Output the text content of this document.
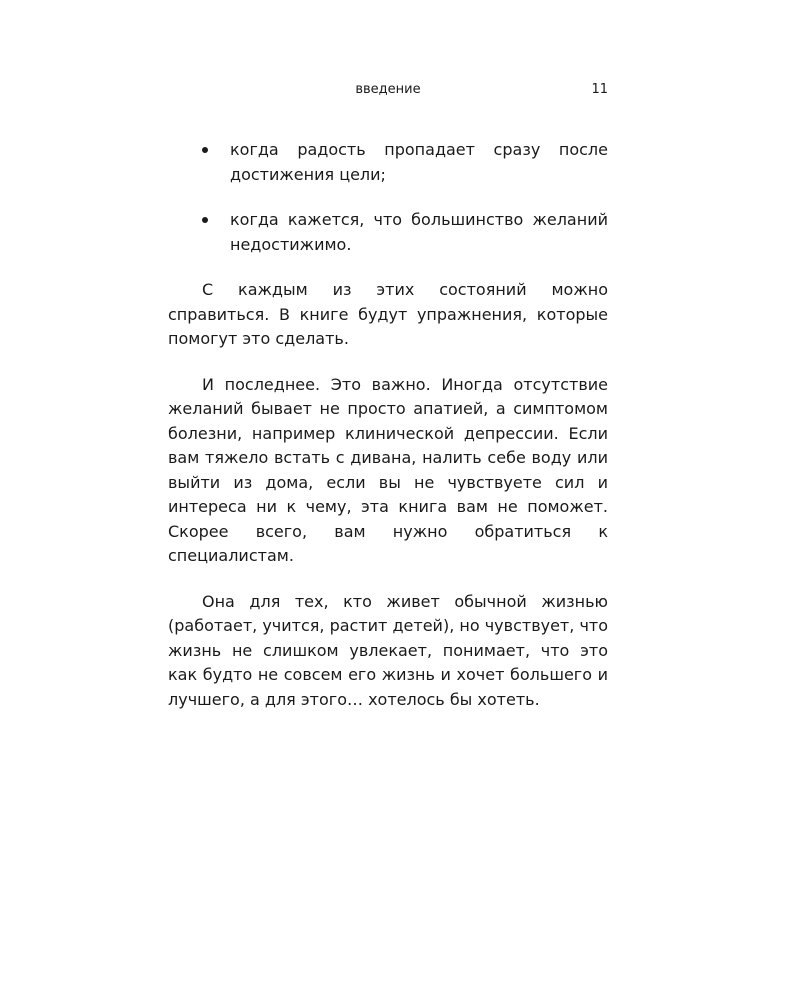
введение	11
когда радость пропадает сразу после достижения цели;
когда кажется, что большинство желаний недостижимо.

С каждым из этих состояний можно справиться. В книге будут упражнения, которые помогут это сделать.

И последнее. Это важно. Иногда отсутствие желаний бывает не просто апатией, а симптомом болезни, например клинической депрессии. Если вам тяжело встать с дивана, налить себе воду или выйти из дома, если вы не чувствуете сил и интереса ни к чему, эта книга вам не поможет. Скорее всего, вам нужно обратиться к специалистам.

Она для тех, кто живет обычной жизнью (работает, учится, растит детей), но чувствует, что жизнь не слишком увлекает, понимает, что это как будто не совсем его жизнь и хочет большего и лучшего, а для этого… хотелось бы хотеть.
